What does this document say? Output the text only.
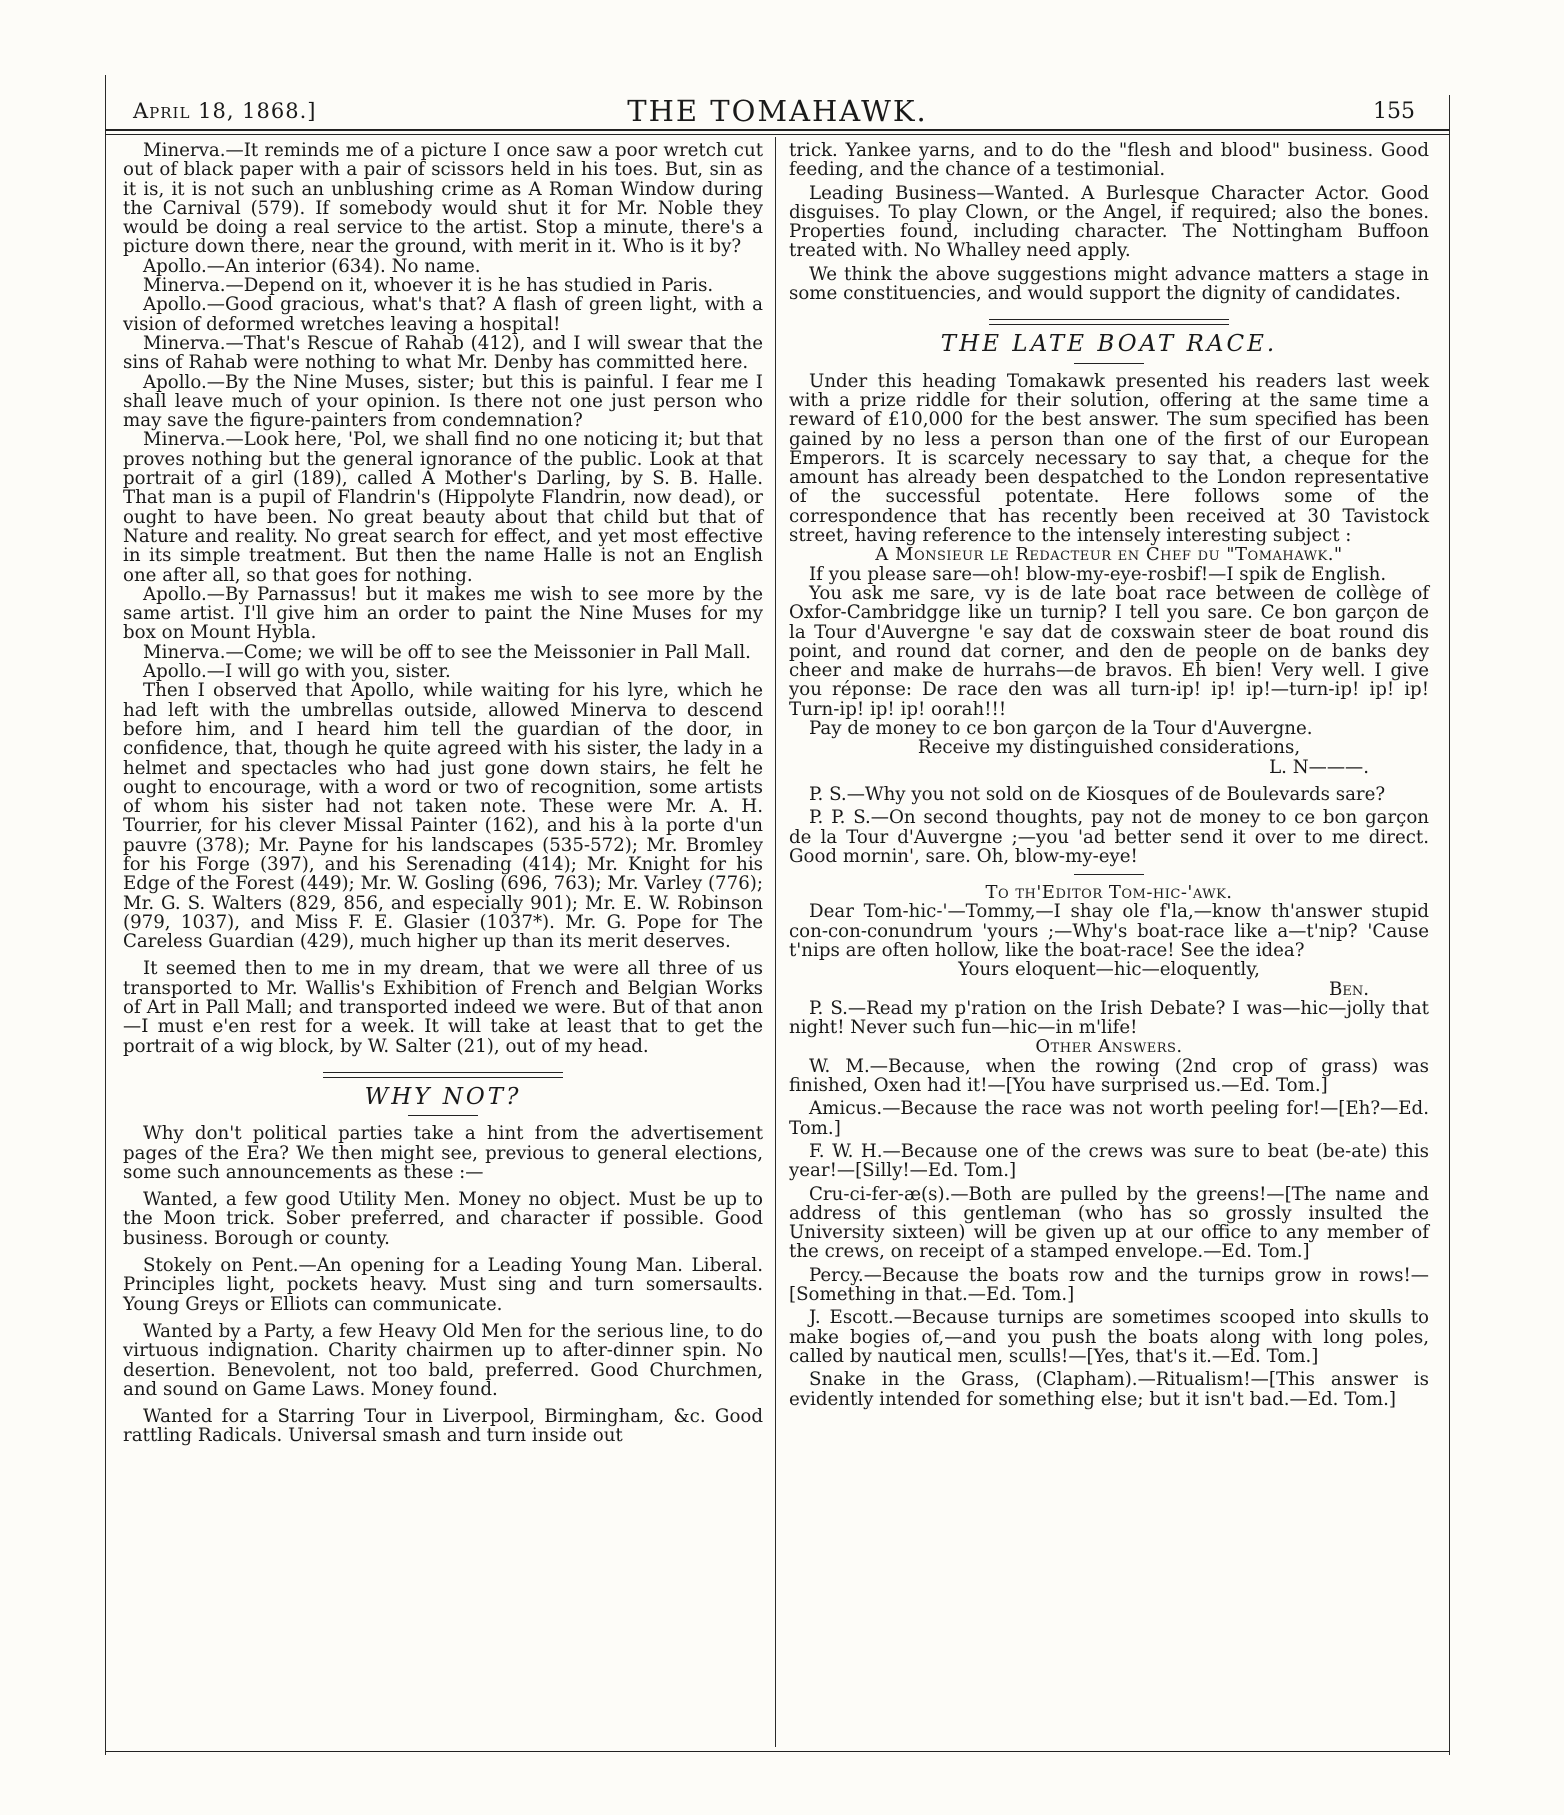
April 18, 1868.]	THE TOMAHAWK.	155

Minerva.—It reminds me of a picture I once saw a poor wretch cut out of black paper with a pair of scissors held in his toes. But, sin as it is, it is not such an unblushing crime as A Roman Window during the Carnival (579). If somebody would shut it for Mr. Noble they would be doing a real service to the artist. Stop a minute, there's a picture down there, near the ground, with merit in it. Who is it by?

Apollo.—An interior (634). No name.

Minerva.—Depend on it, whoever it is he has studied in Paris.

Apollo.—Good gracious, what's that? A flash of green light, with a vision of deformed wretches leaving a hospital!

Minerva.—That's Rescue of Rahab (412), and I will swear that the sins of Rahab were nothing to what Mr. Denby has committed here.

Apollo.—By the Nine Muses, sister; but this is painful. I fear me I shall leave much of your opinion. Is there not one just person who may save the figure-painters from condemnation?

Minerva.—Look here, 'Pol, we shall find no one noticing it; but that proves nothing but the general ignorance of the public. Look at that portrait of a girl (189), called A Mother's Darling, by S. B. Halle. That man is a pupil of Flandrin's (Hippolyte Flandrin, now dead), or ought to have been. No great beauty about that child but that of Nature and reality. No great search for effect, and yet most effective in its simple treatment. But then the name Halle is not an English one after all, so that goes for nothing.

Apollo.—By Parnassus! but it makes me wish to see more by the same artist. I'll give him an order to paint the Nine Muses for my box on Mount Hybla.

Minerva.—Come; we will be off to see the Meissonier in Pall Mall.

Apollo.—I will go with you, sister.

Then I observed that Apollo, while waiting for his lyre, which he had left with the umbrellas outside, allowed Minerva to descend before him, and I heard him tell the guardian of the door, in confidence, that, though he quite agreed with his sister, the lady in a helmet and spectacles who had just gone down stairs, he felt he ought to encourage, with a word or two of recognition, some artists of whom his sister had not taken note. These were Mr. A. H. Tourrier, for his clever Missal Painter (162), and his à la porte d'un pauvre (378); Mr. Payne for his landscapes (535-572); Mr. Bromley for his Forge (397), and his Serenading (414); Mr. Knight for his Edge of the Forest (449); Mr. W. Gosling (696, 763); Mr. Varley (776); Mr. G. S. Walters (829, 856, and especially 901); Mr. E. W. Robinson (979, 1037), and Miss F. E. Glasier (1037*). Mr. G. Pope for The Careless Guardian (429), much higher up than its merit deserves.

It seemed then to me in my dream, that we were all three of us transported to Mr. Wallis's Exhibition of French and Belgian Works of Art in Pall Mall; and transported indeed we were. But of that anon—I must e'en rest for a week. It will take at least that to get the portrait of a wig block, by W. Salter (21), out of my head.

WHY NOT?

Why don't political parties take a hint from the advertisement pages of the Era? We then might see, previous to general elections, some such announcements as these :—

Wanted, a few good Utility Men. Money no object. Must be up to the Moon trick. Sober preferred, and character if possible. Good business. Borough or county.

Stokely on Pent.—An opening for a Leading Young Man. Liberal. Principles light, pockets heavy. Must sing and turn somersaults. Young Greys or Elliots can communicate.

Wanted by a Party, a few Heavy Old Men for the serious line, to do virtuous indignation. Charity chairmen up to after-dinner spin. No desertion. Benevolent, not too bald, preferred. Good Churchmen, and sound on Game Laws. Money found.

Wanted for a Starring Tour in Liverpool, Birmingham, &c. Good rattling Radicals. Universal smash and turn inside out

trick. Yankee yarns, and to do the "flesh and blood" business. Good feeding, and the chance of a testimonial.

Leading Business—Wanted. A Burlesque Character Actor. Good disguises. To play Clown, or the Angel, if required; also the bones. Properties found, including character. The Nottingham Buffoon treated with. No Whalley need apply.

We think the above suggestions might advance matters a stage in some constituencies, and would support the dignity of candidates.

THE LATE BOAT RACE.

Under this heading Tomakawk presented his readers last week with a prize riddle for their solution, offering at the same time a reward of £10,000 for the best answer. The sum specified has been gained by no less a person than one of the first of our European Emperors. It is scarcely necessary to say that, a cheque for the amount has already been despatched to the London representative of the successful potentate. Here follows some of the correspondence that has recently been received at 30 Tavistock street, having reference to the intensely interesting subject :

A Monsieur le Redacteur en Chef du "Tomahawk."

If you please sare—oh! blow-my-eye-rosbif!—I spik de English.

You ask me sare, vy is de late boat race between de collège of Oxfor-Cambridgge like un turnip? I tell you sare. Ce bon garçon de la Tour d'Auvergne 'e say dat de coxswain steer de boat round dis point, and round dat corner, and den de people on de banks dey cheer and make de hurrahs—de bravos. Eh bien! Very well. I give you réponse: De race den was all turn-ip! ip! ip!—turn-ip! ip! ip! Turn-ip! ip! ip! oorah!!!

Pay de money to ce bon garçon de la Tour d'Auvergne.

Receive my distinguished considerations,

L. N———.

P. S.—Why you not sold on de Kiosques of de Boulevards sare?

P. P. S.—On second thoughts, pay not de money to ce bon garçon de la Tour d'Auvergne ;—you 'ad better send it over to me direct. Good mornin', sare. Oh, blow-my-eye!

To th'Editor Tom-hic-'awk.

Dear Tom-hic-'—Tommy,—I shay ole f'la,—know th'answer stupid con-con-conundrum 'yours ;—Why's boat-race like a—t'nip? 'Cause t'nips are often hollow, like the boat-race! See the idea?

Yours eloquent—hic—eloquently,

Ben.

P. S.—Read my p'ration on the Irish Debate? I was—hic—jolly that night! Never such fun—hic—in m'life!

Other Answers.

W. M.—Because, when the rowing (2nd crop of grass) was finished, Oxen had it!—[You have surprised us.—Ed. Tom.]

Amicus.—Because the race was not worth peeling for!—[Eh?—Ed. Tom.]

F. W. H.—Because one of the crews was sure to beat (be-ate) this year!—[Silly!—Ed. Tom.]

Cru-ci-fer-æ(s).—Both are pulled by the greens!—[The name and address of this gentleman (who has so grossly insulted the University sixteen) will be given up at our office to any member of the crews, on receipt of a stamped envelope.—Ed. Tom.]

Percy.—Because the boats row and the turnips grow in rows!—[Something in that.—Ed. Tom.]

J. Escott.—Because turnips are sometimes scooped into skulls to make bogies of,—and you push the boats along with long poles, called by nautical men, sculls!—[Yes, that's it.—Ed. Tom.]

Snake in the Grass, (Clapham).—Ritualism!—[This answer is evidently intended for something else; but it isn't bad.—Ed. Tom.]
